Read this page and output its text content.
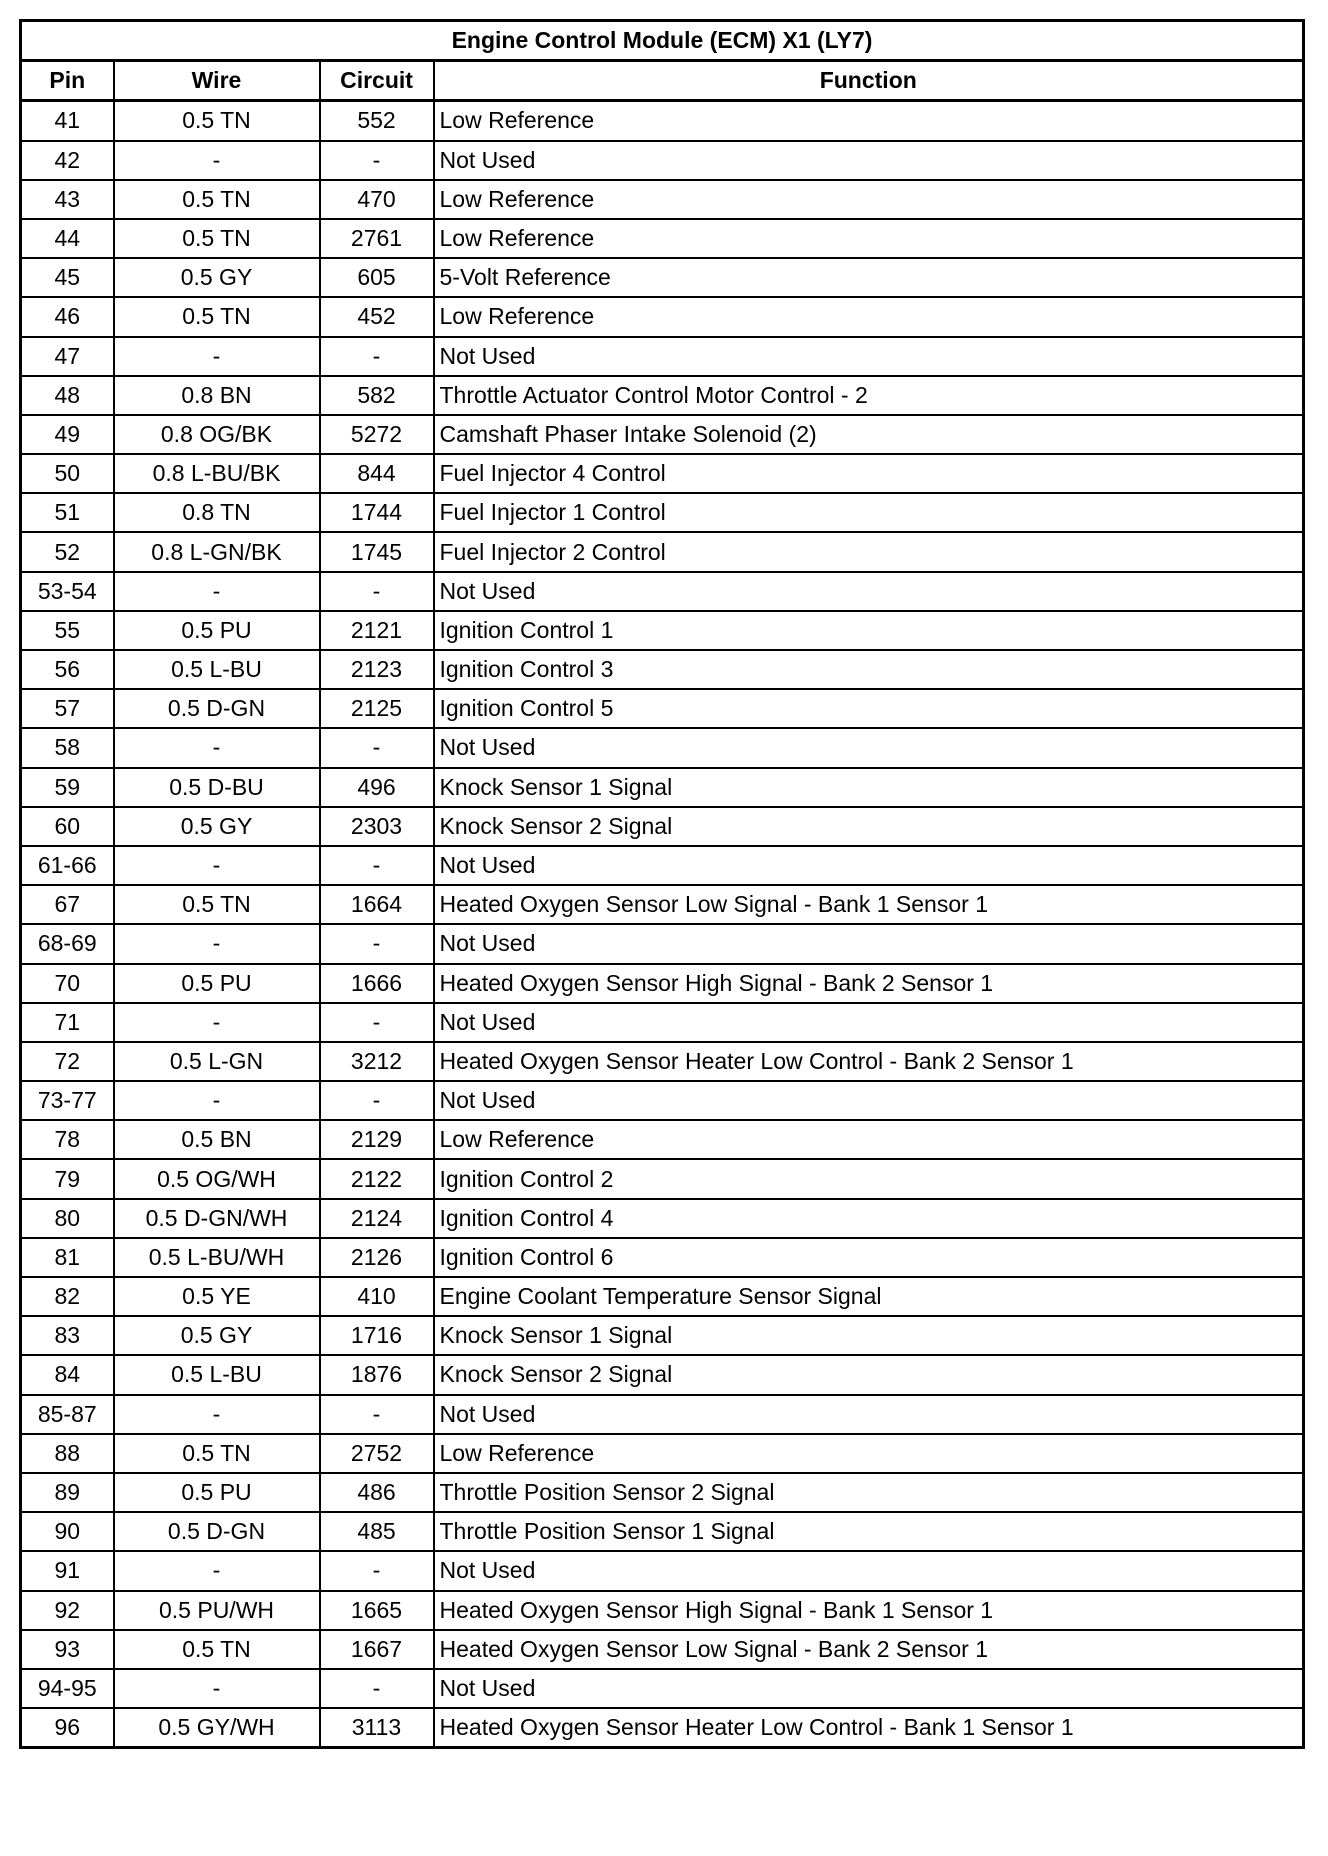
Engine Control Module (ECM) X1 (LY7)			
Pin	Wire	Circuit	Function
41	0.5 TN	552	Low Reference
42	-	-	Not Used
43	0.5 TN	470	Low Reference
44	0.5 TN	2761	Low Reference
45	0.5 GY	605	5-Volt Reference
46	0.5 TN	452	Low Reference
47	-	-	Not Used
48	0.8 BN	582	Throttle Actuator Control Motor Control - 2
49	0.8 OG/BK	5272	Camshaft Phaser Intake Solenoid (2)
50	0.8 L-BU/BK	844	Fuel Injector 4 Control
51	0.8 TN	1744	Fuel Injector 1 Control
52	0.8 L-GN/BK	1745	Fuel Injector 2 Control
53-54	-	-	Not Used
55	0.5 PU	2121	Ignition Control 1
56	0.5 L-BU	2123	Ignition Control 3
57	0.5 D-GN	2125	Ignition Control 5
58	-	-	Not Used
59	0.5 D-BU	496	Knock Sensor 1 Signal
60	0.5 GY	2303	Knock Sensor 2 Signal
61-66	-	-	Not Used
67	0.5 TN	1664	Heated Oxygen Sensor Low Signal - Bank 1 Sensor 1
68-69	-	-	Not Used
70	0.5 PU	1666	Heated Oxygen Sensor High Signal - Bank 2 Sensor 1
71	-	-	Not Used
72	0.5 L-GN	3212	Heated Oxygen Sensor Heater Low Control - Bank 2 Sensor 1
73-77	-	-	Not Used
78	0.5 BN	2129	Low Reference
79	0.5 OG/WH	2122	Ignition Control 2
80	0.5 D-GN/WH	2124	Ignition Control 4
81	0.5 L-BU/WH	2126	Ignition Control 6
82	0.5 YE	410	Engine Coolant Temperature Sensor Signal
83	0.5 GY	1716	Knock Sensor 1 Signal
84	0.5 L-BU	1876	Knock Sensor 2 Signal
85-87	-	-	Not Used
88	0.5 TN	2752	Low Reference
89	0.5 PU	486	Throttle Position Sensor 2 Signal
90	0.5 D-GN	485	Throttle Position Sensor 1 Signal
91	-	-	Not Used
92	0.5 PU/WH	1665	Heated Oxygen Sensor High Signal - Bank 1 Sensor 1
93	0.5 TN	1667	Heated Oxygen Sensor Low Signal - Bank 2 Sensor 1
94-95	-	-	Not Used
96	0.5 GY/WH	3113	Heated Oxygen Sensor Heater Low Control - Bank 1 Sensor 1
